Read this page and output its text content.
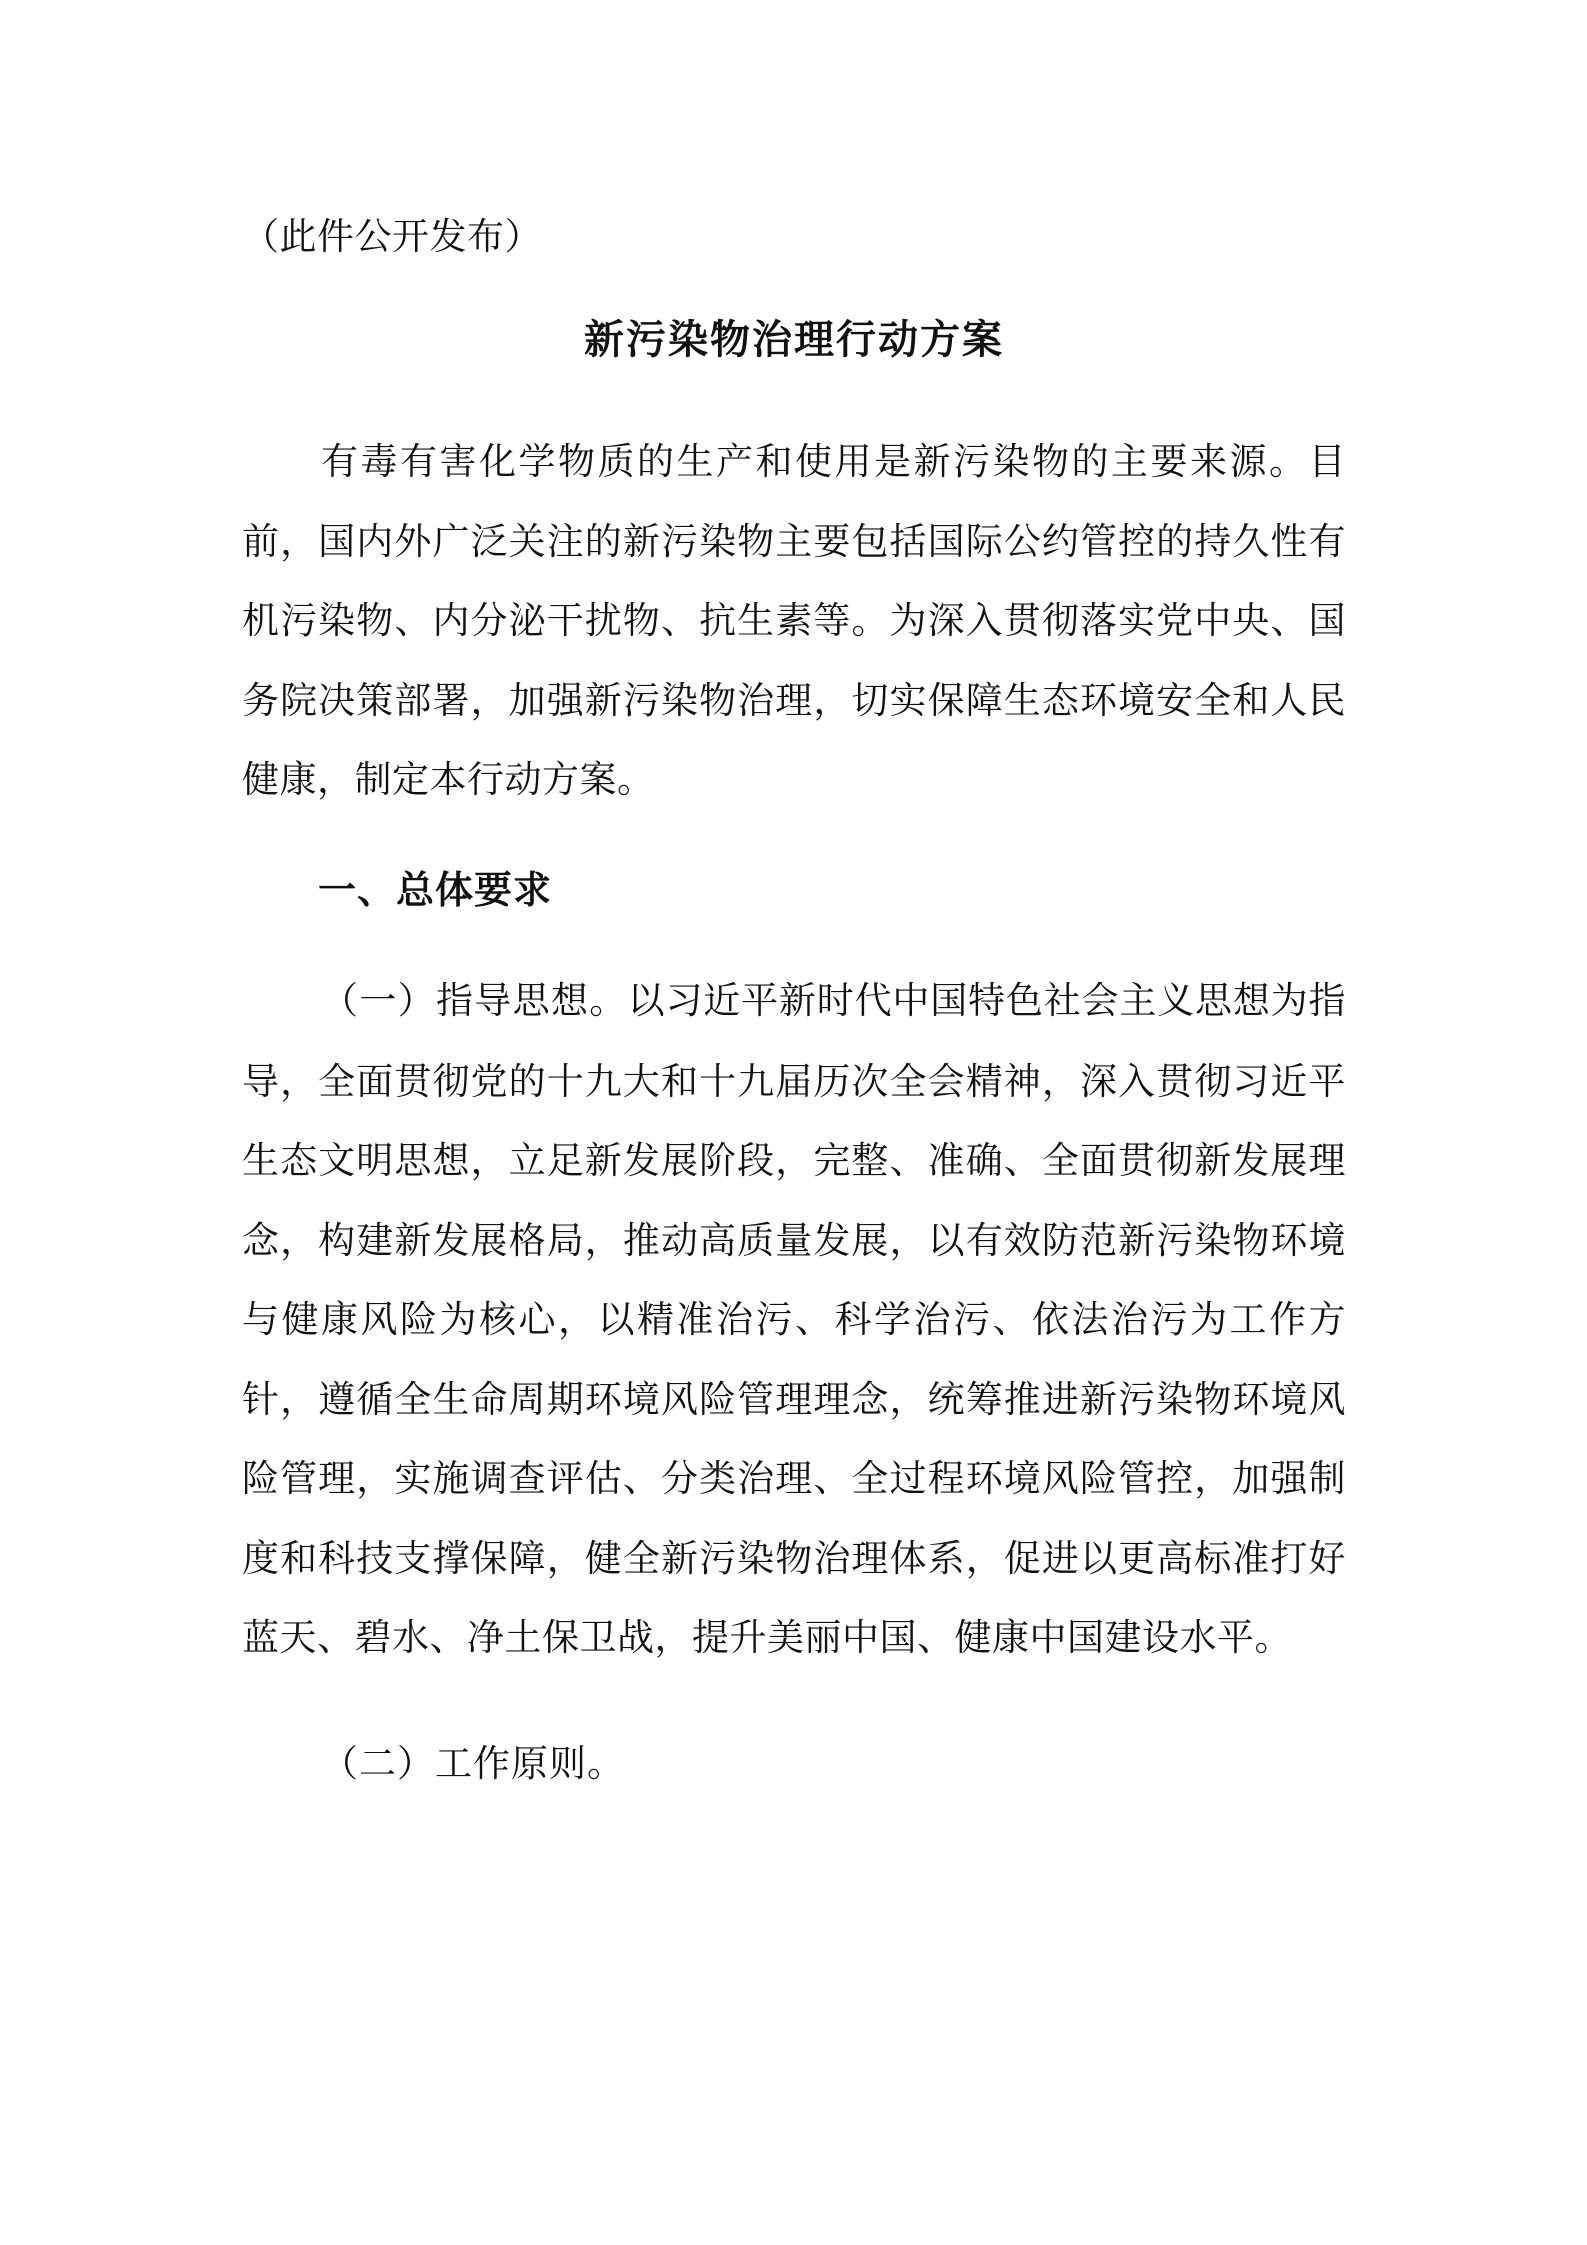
（此件公开发布）

新污染物治理行动方案

有毒有害化学物质的生产和使用是新污染物的主要来源。目前，国内外广泛关注的新污染物主要包括国际公约管控的持久性有机污染物、内分泌干扰物、抗生素等。为深入贯彻落实党中央、国务院决策部署，加强新污染物治理，切实保障生态环境安全和人民健康，制定本行动方案。

一、总体要求

（一）指导思想。以习近平新时代中国特色社会主义思想为指导，全面贯彻党的十九大和十九届历次全会精神，深入贯彻习近平生态文明思想，立足新发展阶段，完整、准确、全面贯彻新发展理念，构建新发展格局，推动高质量发展，以有效防范新污染物环境与健康风险为核心，以精准治污、科学治污、依法治污为工作方针，遵循全生命周期环境风险管理理念，统筹推进新污染物环境风险管理，实施调查评估、分类治理、全过程环境风险管控，加强制度和科技支撑保障，健全新污染物治理体系，促进以更高标准打好蓝天、碧水、净土保卫战，提升美丽中国、健康中国建设水平。

（二）工作原则。
